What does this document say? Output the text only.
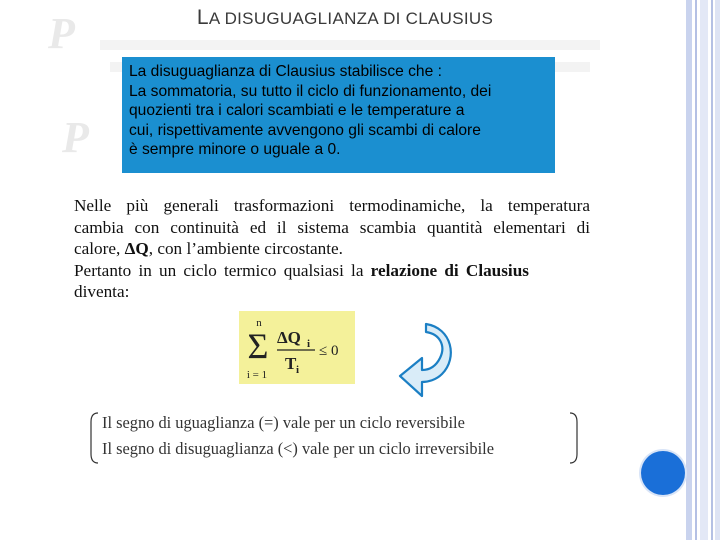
P
P
LA DISUGUAGLIANZA DI CLAUSIUS
La disuguaglianza di Clausius stabilisce che :
La sommatoria, su tutto il ciclo di funzionamento, dei
quozienti tra i calori scambiati e le temperature a
cui, rispettivamente avvengono gli scambi di calore
è sempre minore o uguale a 0.
Nelle più generali trasformazioni termodinamiche, la temperatura
cambia con continuità ed il sistema scambia quantità elementari di
calore, ΔQ, con l’ambiente circostante.
Pertanto in un ciclo termico qualsiasi la relazione di Clausius
diventa:
n
Σ
i = 1
ΔQ i
T i
≤ 0
Il segno di uguaglianza (=) vale per un ciclo reversibile
Il segno di disuguaglianza (<) vale per un ciclo irreversibile
